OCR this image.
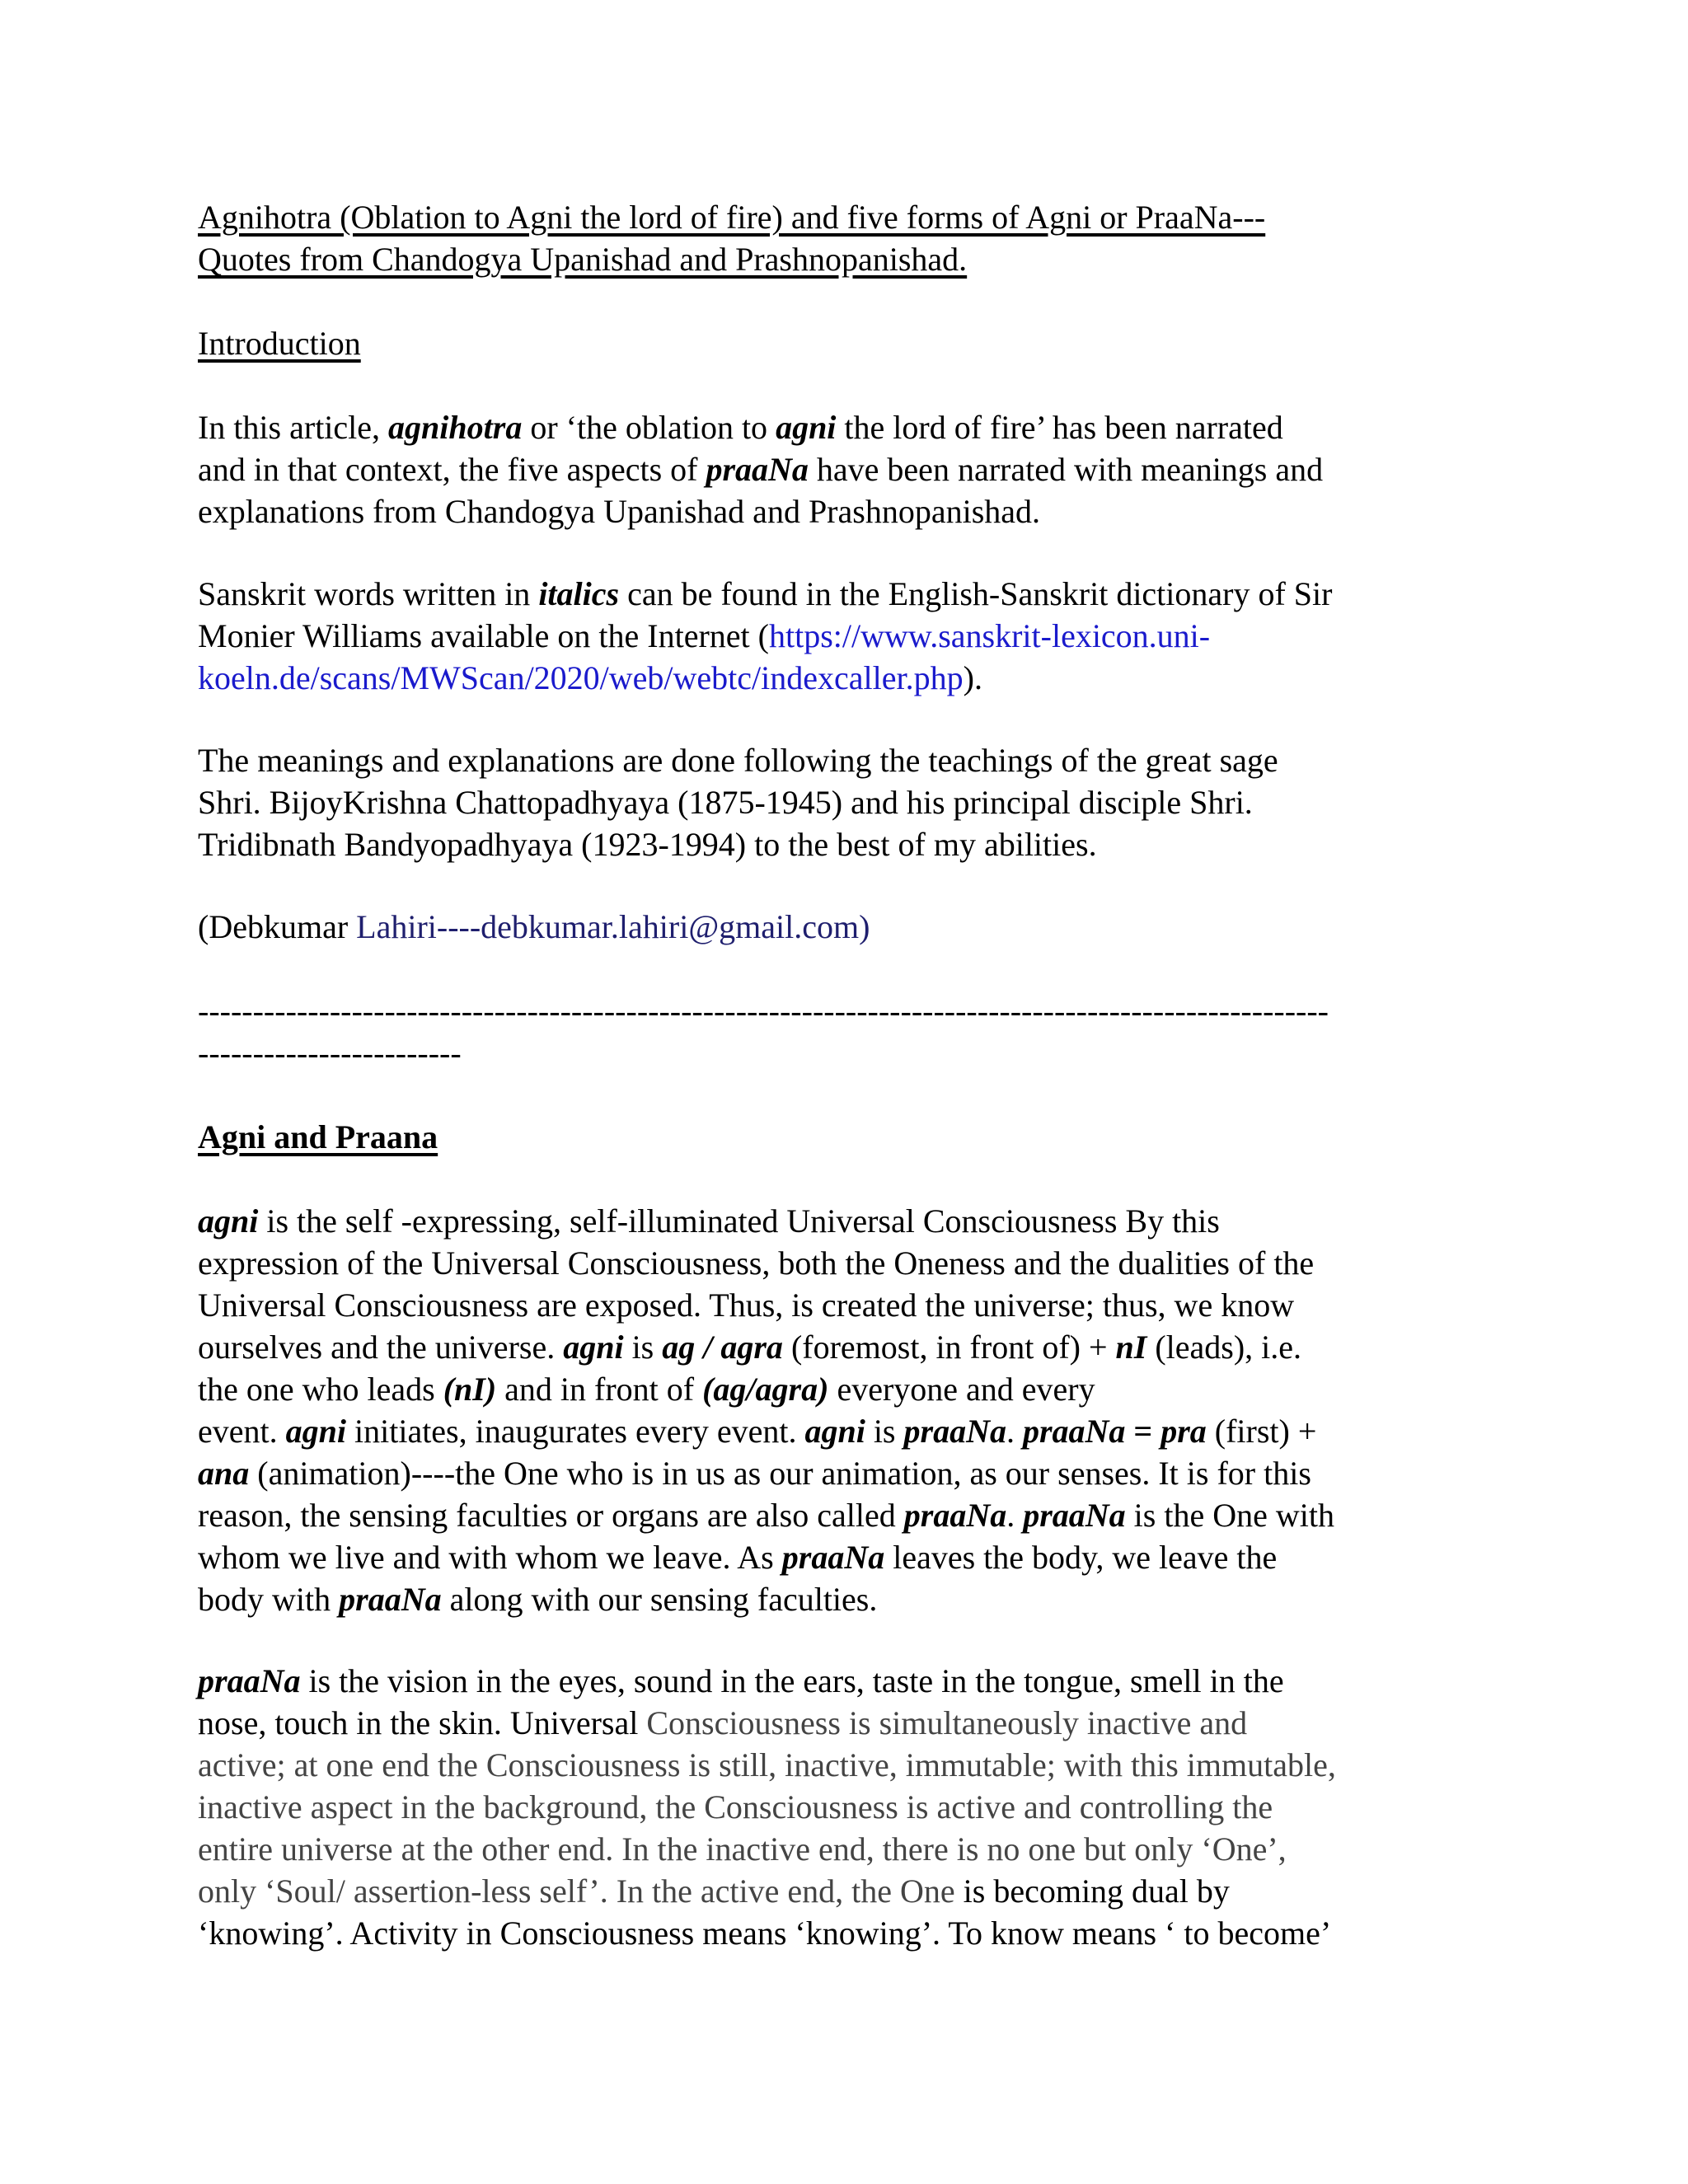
Agnihotra (Oblation to Agni the lord of fire) and five forms of Agni or PraaNa---
Quotes from Chandogya Upanishad and Prashnopanishad.

Introduction

In this article, agnihotra or ‘the oblation to agni the lord of fire’ has been narrated
and in that context, the five aspects of praaNa have been narrated with meanings and
explanations from Chandogya Upanishad and Prashnopanishad.

Sanskrit words written in italics can be found in the English-Sanskrit dictionary of Sir
Monier Williams available on the Internet (https://www.sanskrit-lexicon.uni-
koeln.de/scans/MWScan/2020/web/webtc/indexcaller.php).

The meanings and explanations are done following the teachings of the great sage
Shri. BijoyKrishna Chattopadhyaya (1875-1945) and his principal disciple Shri.
Tridibnath Bandyopadhyaya (1923-1994) to the best of my abilities.

(Debkumar Lahiri----debkumar.lahiri@gmail.com)

-------------------------------------------------------------------------------------------------------

------------------------

Agni and Praana

agni is the self -expressing, self-illuminated Universal Consciousness By this
expression of the Universal Consciousness, both the Oneness and the dualities of the
Universal Consciousness are exposed. Thus, is created the universe; thus, we know
ourselves and the universe. agni is ag / agra (foremost, in front of) + nI (leads), i.e.
the one who leads (nI) and in front of (ag/agra) everyone and every
event. agni initiates, inaugurates every event. agni is praaNa. praaNa = pra (first) +
ana (animation)----the One who is in us as our animation, as our senses. It is for this
reason, the sensing faculties or organs are also called praaNa. praaNa is the One with
whom we live and with whom we leave. As praaNa leaves the body, we leave the
body with praaNa along with our sensing faculties.

praaNa is the vision in the eyes, sound in the ears, taste in the tongue, smell in the
nose, touch in the skin. Universal Consciousness is simultaneously inactive and
active; at one end the Consciousness is still, inactive, immutable; with this immutable,
inactive aspect in the background, the Consciousness is active and controlling the
entire universe at the other end. In the inactive end, there is no one but only ‘One’,
only ‘Soul/ assertion-less self’. In the active end, the One is becoming dual by
‘knowing’. Activity in Consciousness means ‘knowing’. To know means ‘ to become’
